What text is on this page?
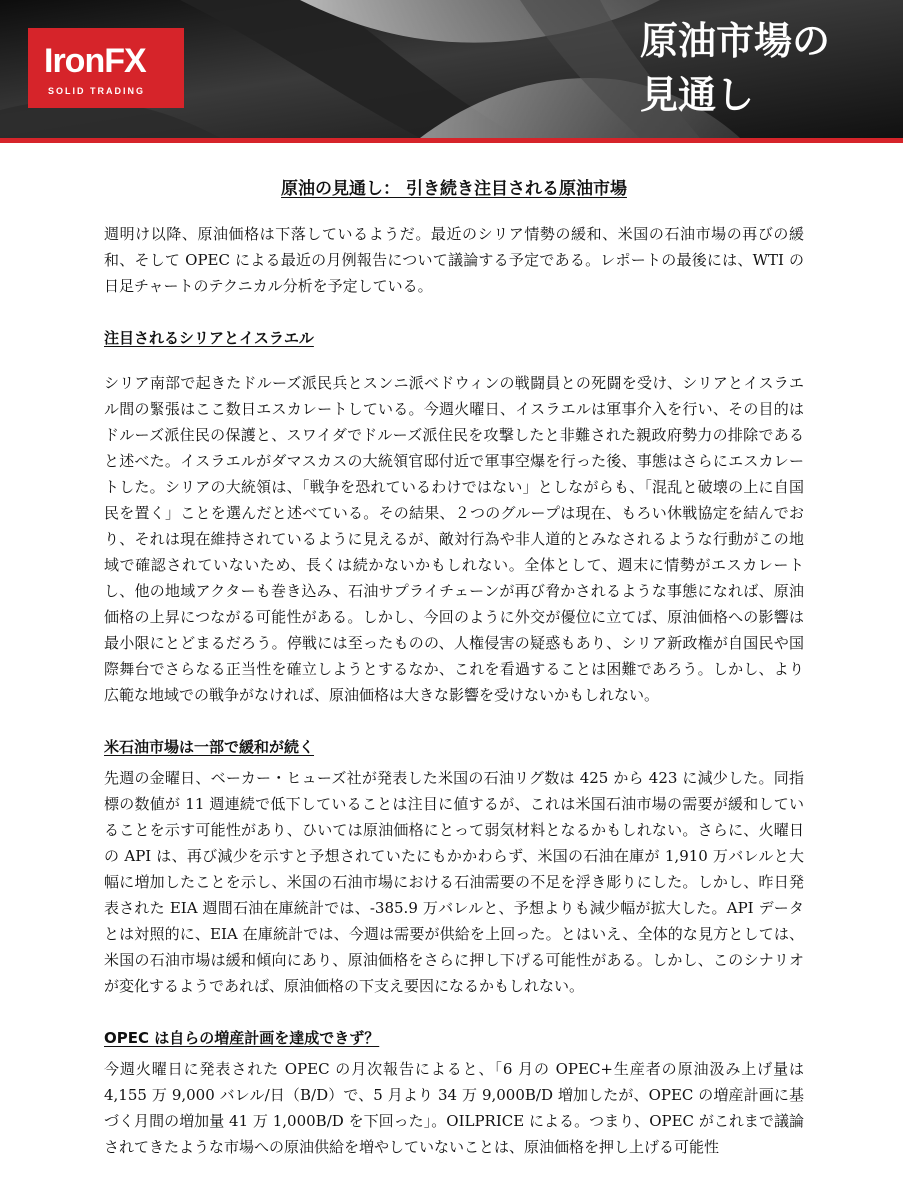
IronFX
SOLID TRADING
原油市場の
見通し
原油の見通し： 引き続き注目される原油市場

週明け以降、原油価格は下落しているようだ。最近のシリア情勢の緩和、米国の石油市場の再びの緩和、そして OPEC による最近の月例報告について議論する予定である。レポートの最後には、WTI の日足チャートのテクニカル分析を予定している。

注目されるシリアとイスラエル

シリア南部で起きたドルーズ派民兵とスンニ派ベドウィンの戦闘員との死闘を受け、シリアとイスラエル間の緊張はここ数日エスカレートしている。今週火曜日、イスラエルは軍事介入を行い、その目的はドルーズ派住民の保護と、スワイダでドルーズ派住民を攻撃したと非難された親政府勢力の排除であると述べた。イスラエルがダマスカスの大統領官邸付近で軍事空爆を行った後、事態はさらにエスカレートした。シリアの大統領は、「戦争を恐れているわけではない」としながらも、「混乱と破壊の上に自国民を置く」ことを選んだと述べている。その結果、２つのグループは現在、もろい休戦協定を結んでおり、それは現在維持されているように見えるが、敵対行為や非人道的とみなされるような行動がこの地域で確認されていないため、長くは続かないかもしれない。全体として、週末に情勢がエスカレートし、他の地域アクターも巻き込み、石油サプライチェーンが再び脅かされるような事態になれば、原油価格の上昇につながる可能性がある。しかし、今回のように外交が優位に立てば、原油価格への影響は最小限にとどまるだろう。停戦には至ったものの、人権侵害の疑惑もあり、シリア新政権が自国民や国際舞台でさらなる正当性を確立しようとするなか、これを看過することは困難であろう。しかし、より広範な地域での戦争がなければ、原油価格は大きな影響を受けないかもしれない。

米石油市場は一部で緩和が続く

先週の金曜日、ベーカー・ヒューズ社が発表した米国の石油リグ数は 425 から 423 に減少した。同指標の数値が 11 週連続で低下していることは注目に値するが、これは米国石油市場の需要が緩和していることを示す可能性があり、ひいては原油価格にとって弱気材料となるかもしれない。さらに、火曜日の API は、再び減少を示すと予想されていたにもかかわらず、米国の石油在庫が 1,910 万バレルと大幅に増加したことを示し、米国の石油市場における石油需要の不足を浮き彫りにした。しかし、昨日発表された EIA 週間石油在庫統計では、-385.9 万バレルと、予想よりも減少幅が拡大した。API データとは対照的に、EIA 在庫統計では、今週は需要が供給を上回った。とはいえ、全体的な見方としては、米国の石油市場は緩和傾向にあり、原油価格をさらに押し下げる可能性がある。しかし、このシナリオが変化するようであれば、原油価格の下支え要因になるかもしれない。

OPEC は自らの増産計画を達成できず？

今週火曜日に発表された OPEC の月次報告によると、「6 月の OPEC+生産者の原油汲み上げ量は 4,155 万 9,000 バレル/日（B/D）で、5 月より 34 万 9,000B/D 増加したが、OPEC の増産計画に基づく月間の増加量 41 万 1,000B/D を下回った」。OILPRICE による。つまり、OPEC がこれまで議論されてきたような市場への原油供給を増やしていないことは、原油価格を押し上げる可能性
